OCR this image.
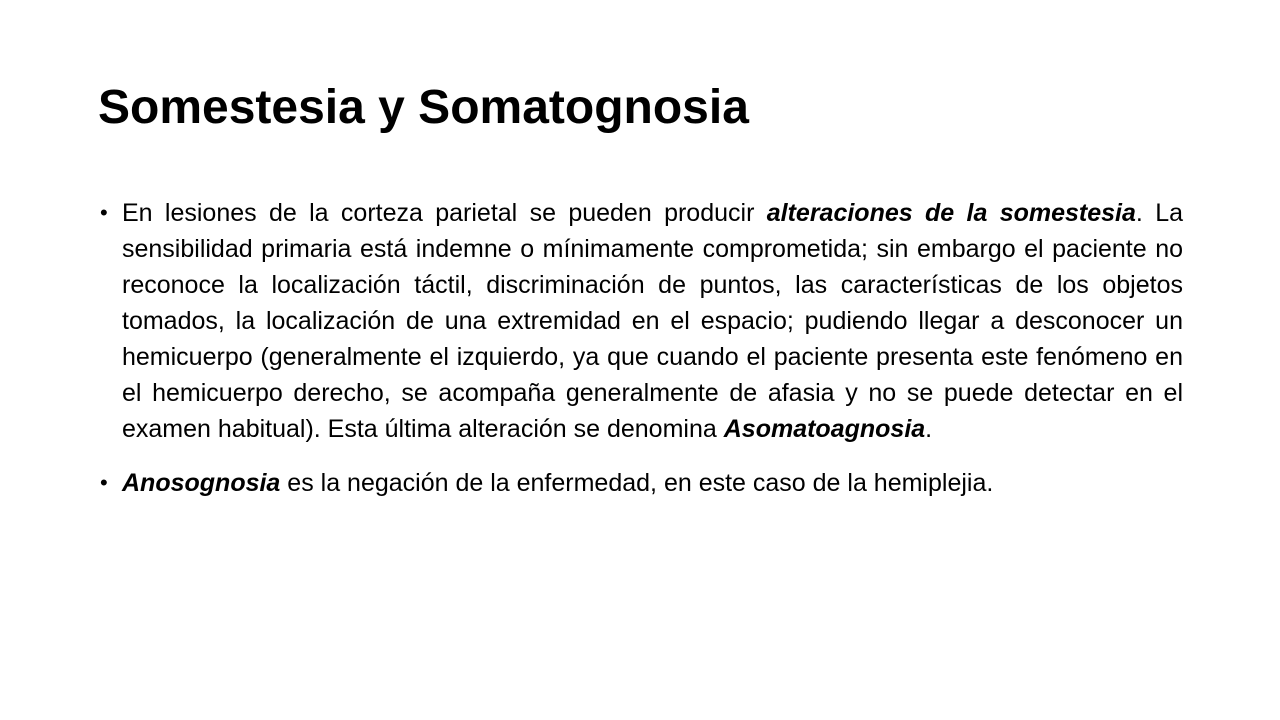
Somestesia y Somatognosia
• En lesiones de la corteza parietal se pueden producir alteraciones de la somestesia. La sensibilidad primaria está indemne o mínimamente comprometida; sin embargo el paciente no reconoce la localización táctil, discriminación de puntos, las características de los objetos tomados, la localización de una extremidad en el espacio; pudiendo llegar a desconocer un hemicuerpo (generalmente el izquierdo, ya que cuando el paciente presenta este fenómeno en el hemicuerpo derecho, se acompaña generalmente de afasia y no se puede detectar en el examen habitual). Esta última alteración se denomina Asomatoagnosia.
• Anosognosia es la negación de la enfermedad, en este caso de la hemiplejia.
